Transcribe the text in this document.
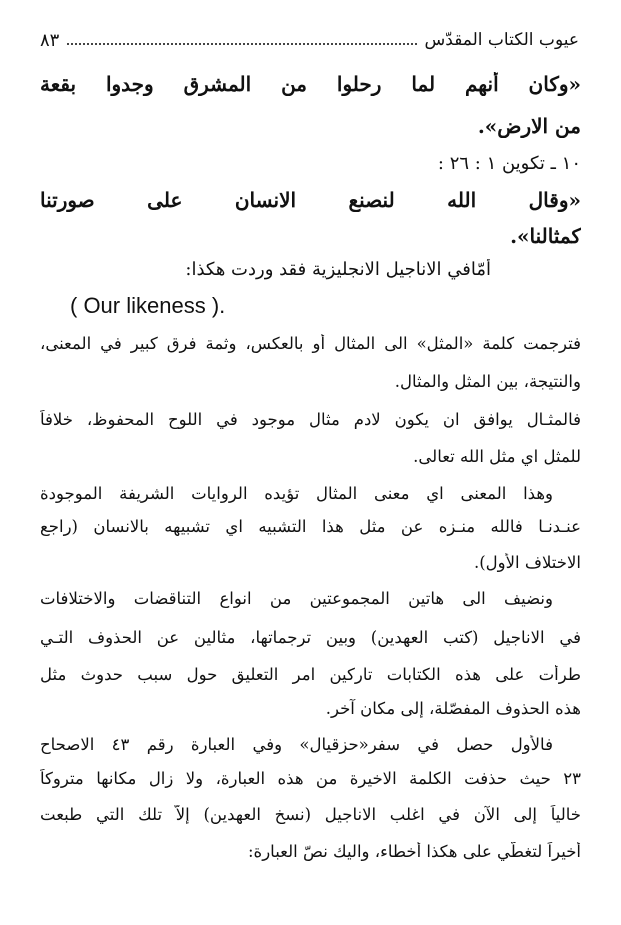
عيوب الكتاب المقدّس
٨٣
«وكان أنهم لما رحلوا من المشرق وجدوا بقعة
من الارض».
١٠ ـ تكوين ١ : ٢٦ :
«وقال الله لنصنع الانسان على صورتنا
كمثالنا».
أمّافي الاناجيل الانجليزية فقد وردت هكذا:
( Our likeness ).
فترجمت كلمة «المثل» الى المثال أو بالعكس، وثمة فرق كبير في المعنى،
والنتيجة، بين المثل والمثال.
فالمثـال يوافق ان يكون لادم مثال موجود في اللوح المحفوظ، خلافاً
للمثل اي مثل الله تعالى.
وهذا المعنى اي معنى المثال تؤيده الروايات الشريفة الموجودة
عنـدنـا فالله منـزه عن مثل هذا التشبيه اي تشبيهه بالانسان (راجع
الاختلاف الأول).
ونضيف الى هاتين المجموعتين من انواع التناقضات والاختلافات
في الاناجيل (كتب العهدين) وبين ترجماتها، مثالين عن الحذوف التـي
طرأت على هذه الكتابات تاركين امر التعليق حول سبب حدوث مثل
هذه الحذوف المفصّلة، إلى مكان آخر.
فالأول حصل في سفر«حزقيال» وفي العبارة رقم ٤٣ الاصحاح
٢٣ حيث حذفت الكلمة الاخيرة من هذه العبارة، ولا زال مكانها متروكاً
خالياً إلى الآن في اغلب الاناجيل (نسخ العهدين) إلاّ تلك التي طبعت
أخيراً لتغطّي على هكذا أخطاء، واليك نصّ العبارة:
